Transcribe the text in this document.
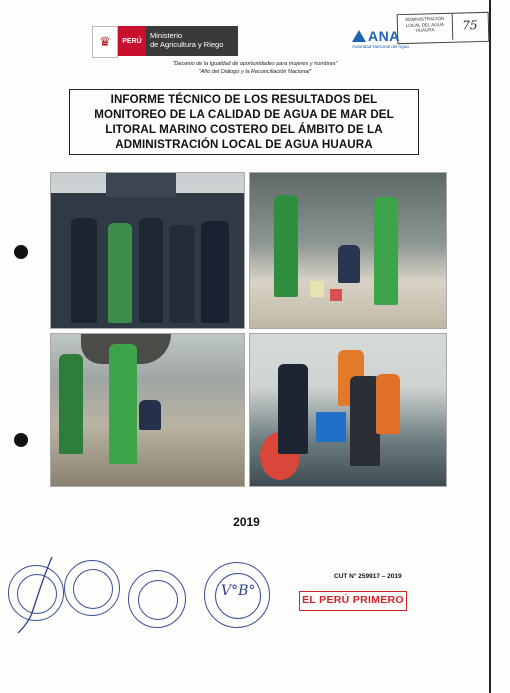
♛	PERÚ
Ministerio
de Agricultura y Riego
ANA
Autoridad Nacional del Agua
ADMINISTRACIÓN LOCAL DEL AGUA HUAURA	75
"Decenio de la Igualdad de oportunidades para mujeres y hombres"
"Año del Diálogo y la Reconciliación Nacional"
INFORME TÉCNICO DE LOS RESULTADOS DEL MONITOREO DE LA CALIDAD DE AGUA DE MAR DEL LITORAL MARINO COSTERO DEL ÁMBITO DE LA ADMINISTRACIÓN LOCAL DE AGUA HUAURA
2019
V°B°
CUT N° 259917 – 2019
EL PERÚ PRIMERO
